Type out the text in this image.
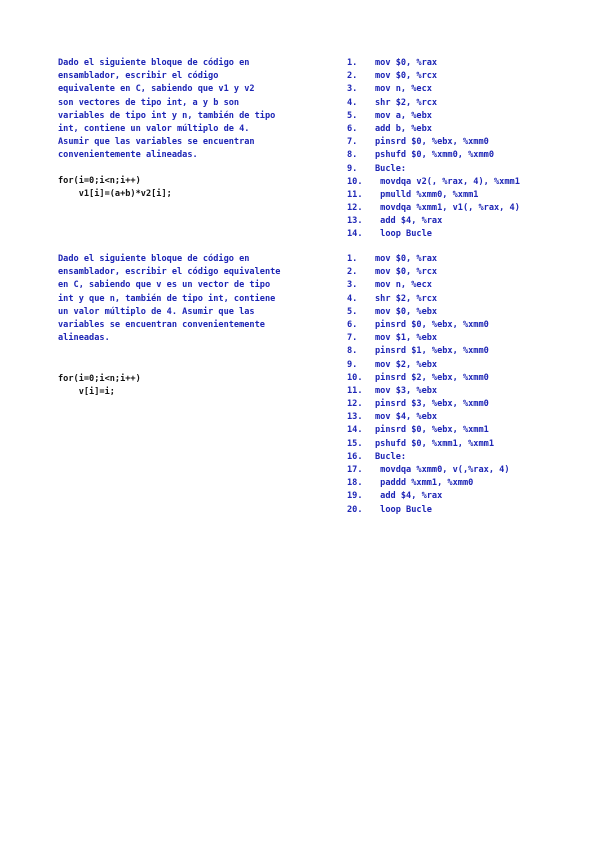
Dado el siguiente bloque de código en
ensamblador, escribir el código
equivalente en C, sabiendo que v1 y v2
son vectores de tipo int, a y b son
variables de tipo int y n, también de tipo
int, contiene un valor múltiplo de 4.
Asumir que las variables se encuentran
convenientemente alineadas.

for(i=0;i<n;i++)
v1[i]=(a+b)*v2[i];
1. mov $0, %rax
2. mov $0, %rcx
3. mov n, %ecx
4. shr $2, %rcx
5. mov a, %ebx
6. add b, %ebx
7. pinsrd $0, %ebx, %xmm0
8. pshufd $0, %xmm0, %xmm0
9. Bucle:
10. movdqa v2(, %rax, 4), %xmm1
11. pmulld %xmm0, %xmm1
12. movdqa %xmm1, v1(, %rax, 4)
13. add $4, %rax
14. loop Bucle

Dado el siguiente bloque de código en
ensamblador, escribir el código equivalente
en C, sabiendo que v es un vector de tipo
int y que n, también de tipo int, contiene
un valor múltiplo de 4. Asumir que las
variables se encuentran convenientemente
alineadas.

for(i=0;i<n;i++)
v[i]=i;
1. mov $0, %rax
2. mov $0, %rcx
3. mov n, %ecx
4. shr $2, %rcx
5. mov $0, %ebx
6. pinsrd $0, %ebx, %xmm0
7. mov $1, %ebx
8. pinsrd $1, %ebx, %xmm0
9. mov $2, %ebx
10. pinsrd $2, %ebx, %xmm0
11. mov $3, %ebx
12. pinsrd $3, %ebx, %xmm0
13. mov $4, %ebx
14. pinsrd $0, %ebx, %xmm1
15. pshufd $0, %xmm1, %xmm1
16. Bucle:
17. movdqa %xmm0, v(,%rax, 4)
18. paddd %xmm1, %xmm0
19. add $4, %rax
20. loop Bucle
